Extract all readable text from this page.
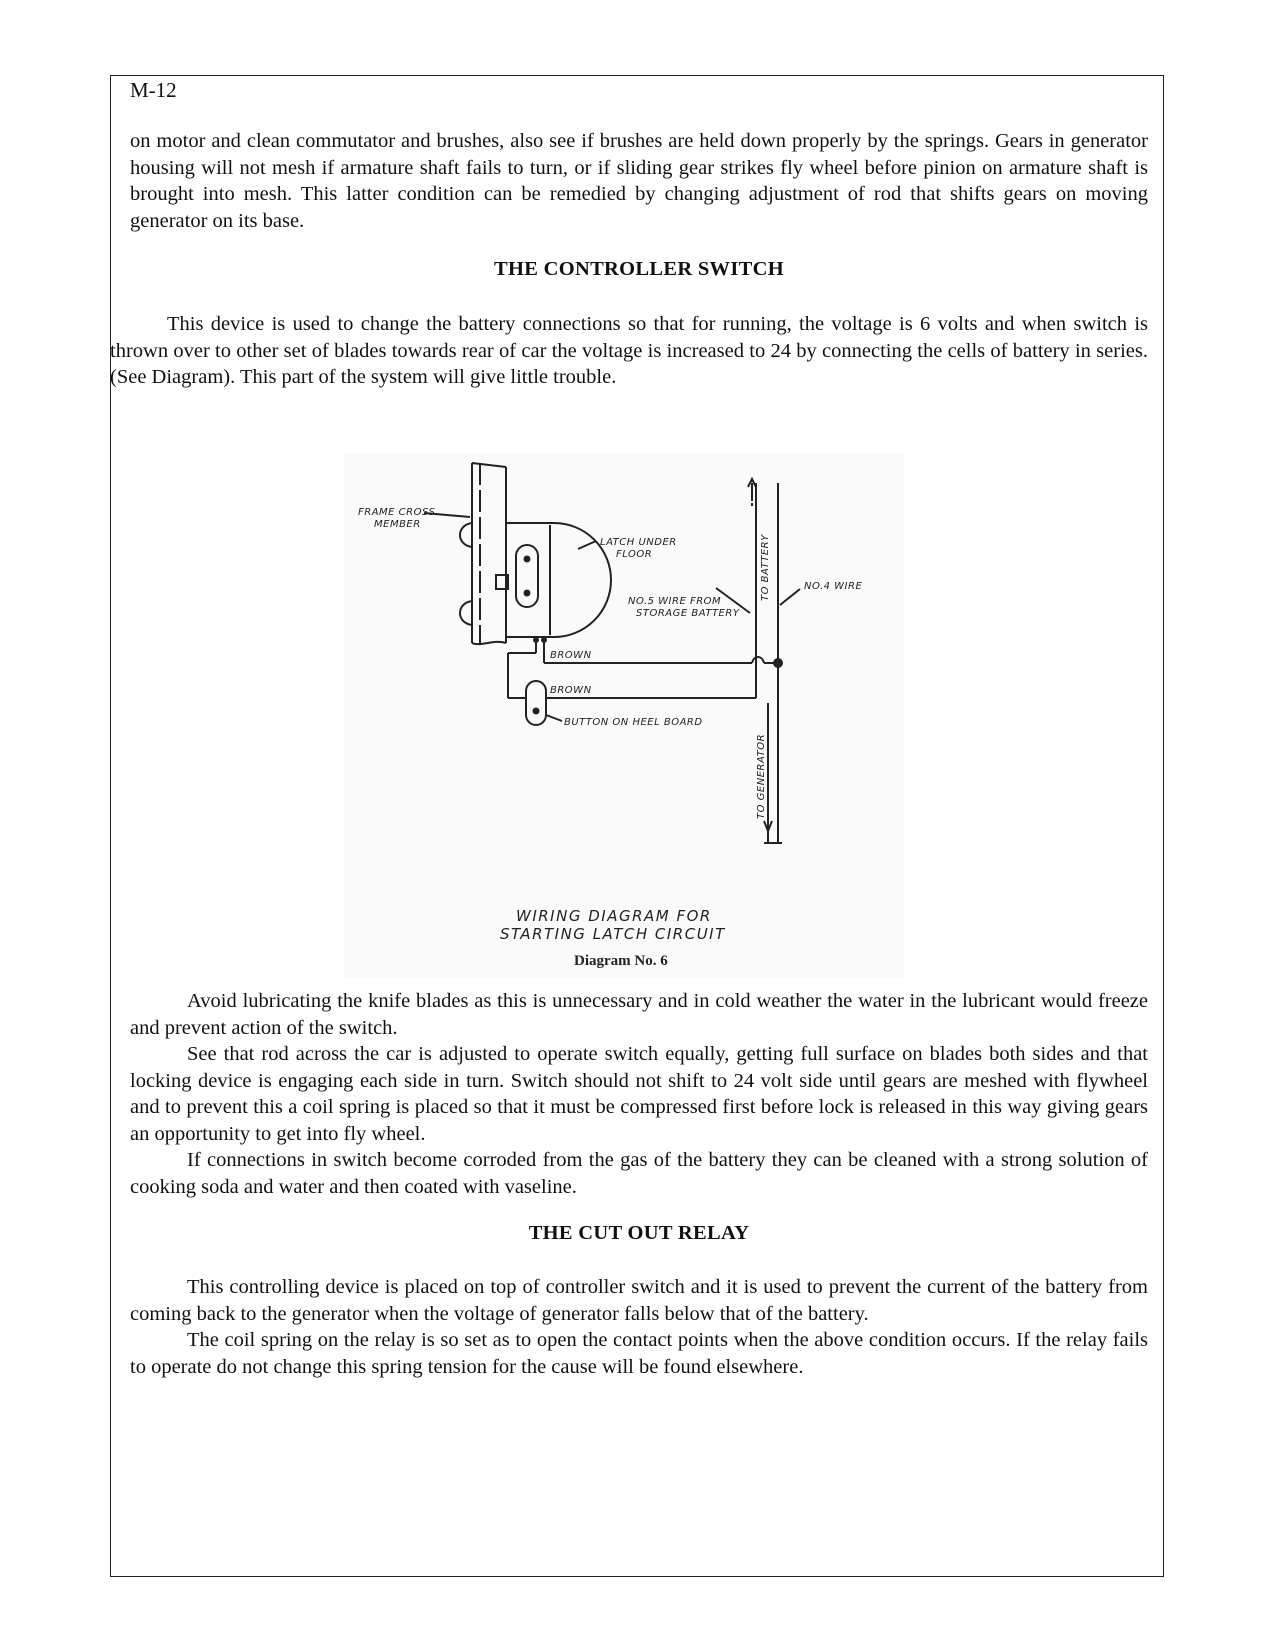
M-12

on motor and clean commutator and brushes, also see if brushes are held down properly by the springs. Gears in generator housing will not mesh if armature shaft fails to turn, or if sliding gear strikes fly wheel before pinion on armature shaft is brought into mesh. This latter condition can be remedied by changing adjustment of rod that shifts gears on moving generator on its base.

THE CONTROLLER SWITCH

This device is used to change the battery connections so that for running, the voltage is 6 volts and when switch is thrown over to other set of blades towards rear of car the voltage is increased to 24 by connecting the cells of battery in series. (See Diagram). This part of the system will give little trouble.

FRAME CROSS
MEMBER
LATCH UNDER
FLOOR
NO.5 WIRE FROM
STORAGE BATTERY
TO BATTERY	NO.4 WIRE
BROWN
BROWN
BUTTON ON HEEL BOARD
TO GENERATOR
WIRING DIAGRAM FOR
STARTING LATCH CIRCUIT
Diagram No. 6

Avoid lubricating the knife blades as this is unnecessary and in cold weather the water in the lubricant would freeze and prevent action of the switch.

See that rod across the car is adjusted to operate switch equally, getting full surface on blades both sides and that locking device is engaging each side in turn. Switch should not shift to 24 volt side until gears are meshed with flywheel and to prevent this a coil spring is placed so that it must be compressed first before lock is released in this way giving gears an opportunity to get into fly wheel.

If connections in switch become corroded from the gas of the battery they can be cleaned with a strong solution of cooking soda and water and then coated with vaseline.

THE CUT OUT RELAY

This controlling device is placed on top of controller switch and it is used to prevent the current of the battery from coming back to the generator when the voltage of generator falls below that of the battery.

The coil spring on the relay is so set as to open the contact points when the above condition occurs. If the relay fails to operate do not change this spring tension for the cause will be found elsewhere.
